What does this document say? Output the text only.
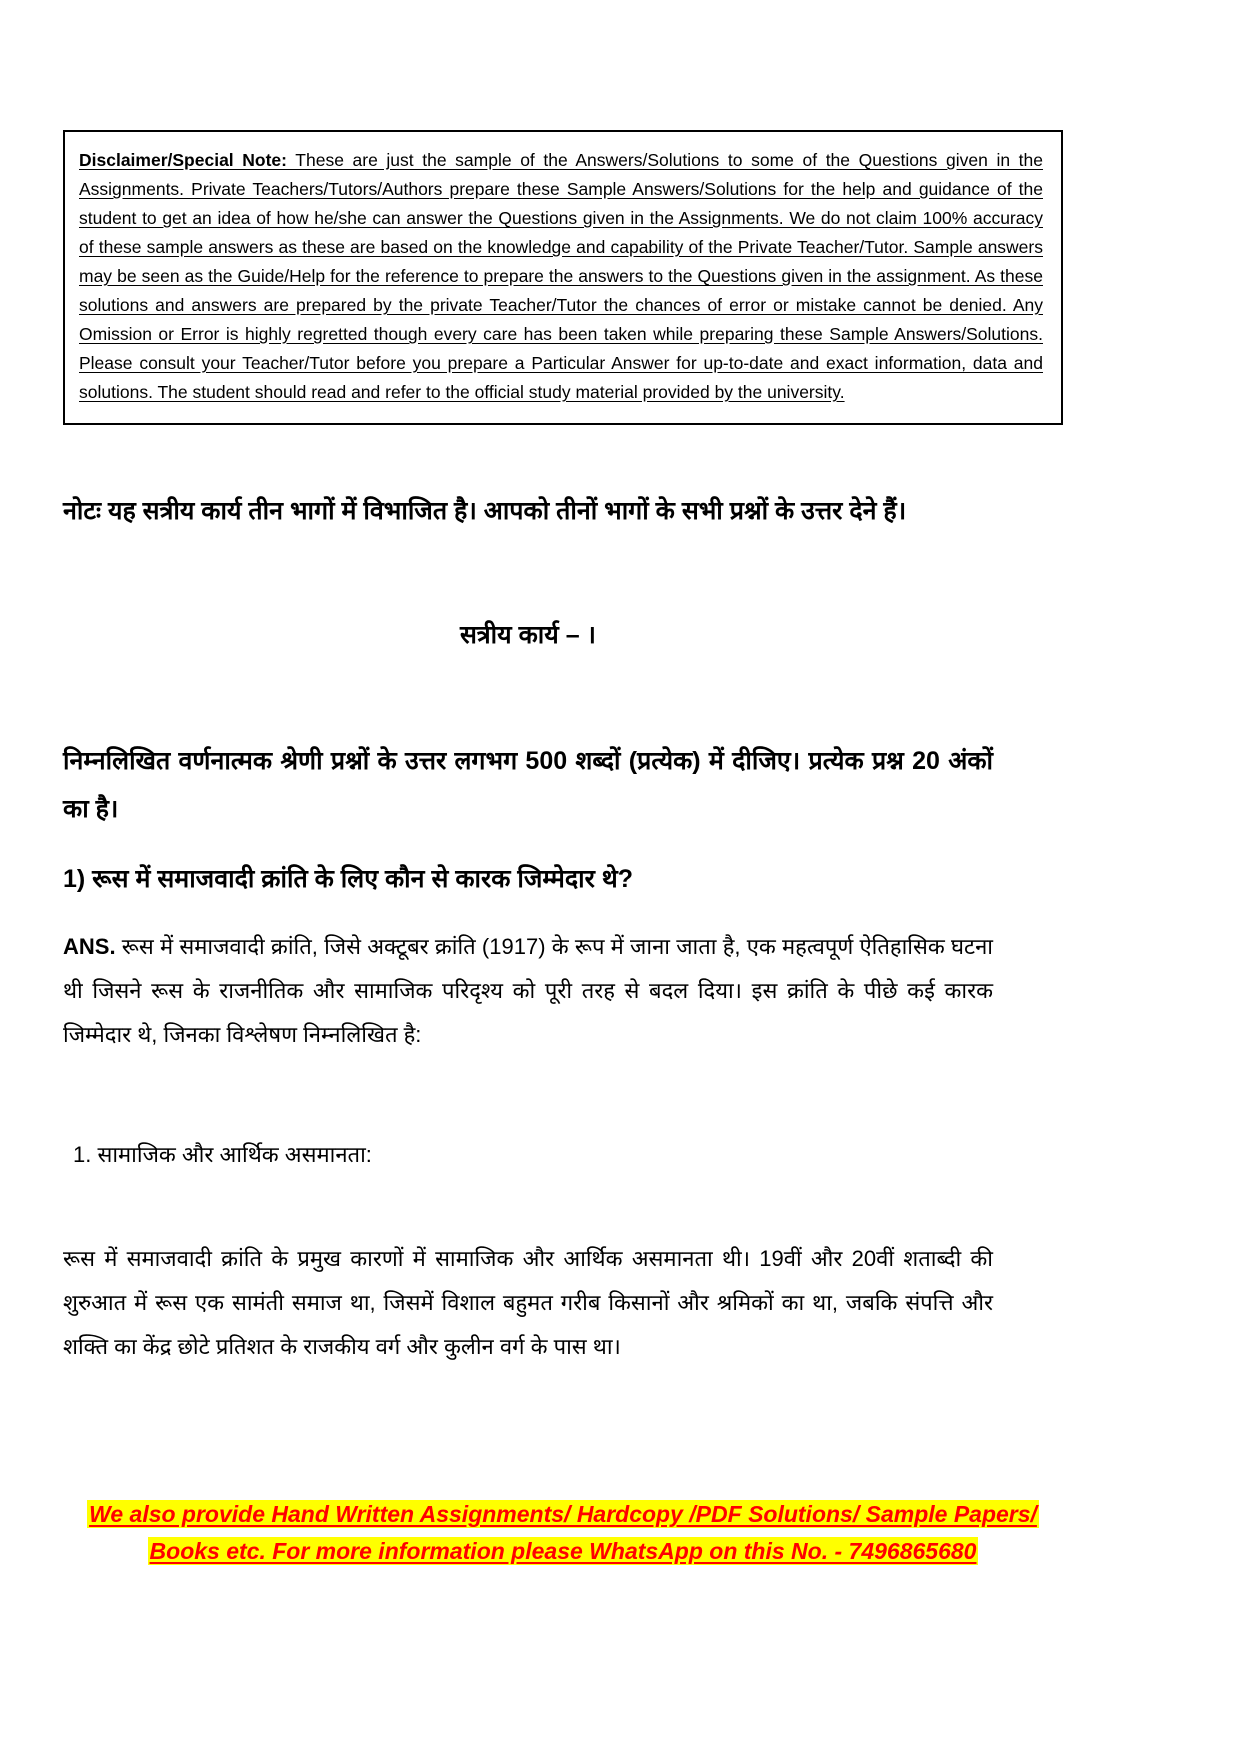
Disclaimer/Special Note: These are just the sample of the Answers/Solutions to some of the Questions given in the Assignments. Private Teachers/Tutors/Authors prepare these Sample Answers/Solutions for the help and guidance of the student to get an idea of how he/she can answer the Questions given in the Assignments. We do not claim 100% accuracy of these sample answers as these are based on the knowledge and capability of the Private Teacher/Tutor. Sample answers may be seen as the Guide/Help for the reference to prepare the answers to the Questions given in the assignment. As these solutions and answers are prepared by the private Teacher/Tutor the chances of error or mistake cannot be denied. Any Omission or Error is highly regretted though every care has been taken while preparing these Sample Answers/Solutions. Please consult your Teacher/Tutor before you prepare a Particular Answer for up-to-date and exact information, data and solutions. The student should read and refer to the official study material provided by the university.

नोटः यह सत्रीय कार्य तीन भागों में विभाजित है। आपको तीनों भागों के सभी प्रश्नों के उत्तर देने हैं।

सत्रीय कार्य – ।

निम्नलिखित वर्णनात्मक श्रेणी प्रश्नों के उत्तर लगभग 500 शब्दों (प्रत्येक) में दीजिए। प्रत्येक प्रश्न 20 अंकों का है।

1) रूस में समाजवादी क्रांति के लिए कौन से कारक जिम्मेदार थे?

ANS. रूस में समाजवादी क्रांति, जिसे अक्टूबर क्रांति (1917) के रूप में जाना जाता है, एक महत्वपूर्ण ऐतिहासिक घटना थी जिसने रूस के राजनीतिक और सामाजिक परिदृश्य को पूरी तरह से बदल दिया। इस क्रांति के पीछे कई कारक जिम्मेदार थे, जिनका विश्लेषण निम्नलिखित है:

1. सामाजिक और आर्थिक असमानता:

रूस में समाजवादी क्रांति के प्रमुख कारणों में सामाजिक और आर्थिक असमानता थी। 19वीं और 20वीं शताब्दी की शुरुआत में रूस एक सामंती समाज था, जिसमें विशाल बहुमत गरीब किसानों और श्रमिकों का था, जबकि संपत्ति और शक्ति का केंद्र छोटे प्रतिशत के राजकीय वर्ग और कुलीन वर्ग के पास था।

We also provide Hand Written Assignments/ Hardcopy /PDF Solutions/ Sample Papers/ Books etc. For more information please WhatsApp on this No. - 7496865680
